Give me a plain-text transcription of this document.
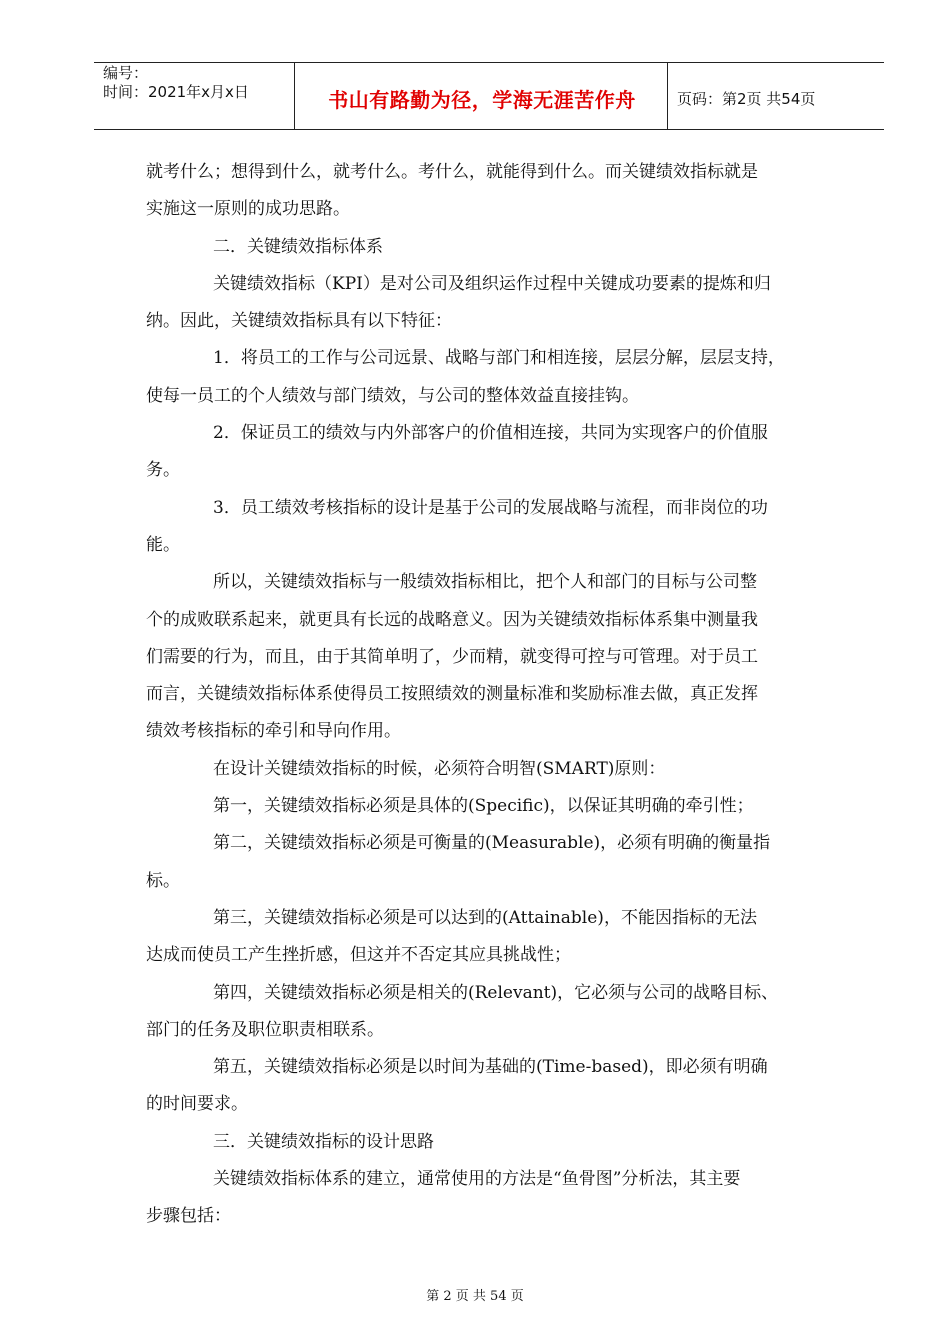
编号：
时间：2021年x月x日	书山有路勤为径，学海无涯苦作舟	页码：第2页 共54页

就考什么；想得到什么，就考什么。考什么，就能得到什么。而关键绩效指标就是

实施这一原则的成功思路。

二．关键绩效指标体系

关键绩效指标（KPI）是对公司及组织运作过程中关键成功要素的提炼和归

纳。因此，关键绩效指标具有以下特征：

1．将员工的工作与公司远景、战略与部门和相连接，层层分解，层层支持，

使每一员工的个人绩效与部门绩效，与公司的整体效益直接挂钩。

2．保证员工的绩效与内外部客户的价值相连接，共同为实现客户的价值服

务。

3．员工绩效考核指标的设计是基于公司的发展战略与流程，而非岗位的功

能。

所以，关键绩效指标与一般绩效指标相比，把个人和部门的目标与公司整

个的成败联系起来，就更具有长远的战略意义。因为关键绩效指标体系集中测量我

们需要的行为，而且，由于其简单明了，少而精，就变得可控与可管理。对于员工

而言，关键绩效指标体系使得员工按照绩效的测量标准和奖励标准去做，真正发挥

绩效考核指标的牵引和导向作用。

在设计关键绩效指标的时候，必须符合明智(SMART)原则：

第一，关键绩效指标必须是具体的(Specific)，以保证其明确的牵引性；

第二，关键绩效指标必须是可衡量的(Measurable)，必须有明确的衡量指

标。

第三，关键绩效指标必须是可以达到的(Attainable)，不能因指标的无法

达成而使员工产生挫折感，但这并不否定其应具挑战性；

第四，关键绩效指标必须是相关的(Relevant)，它必须与公司的战略目标、

部门的任务及职位职责相联系。

第五，关键绩效指标必须是以时间为基础的(Time-based)，即必须有明确

的时间要求。

三．关键绩效指标的设计思路

关键绩效指标体系的建立，通常使用的方法是“鱼骨图”分析法，其主要

步骤包括：

第 2 页 共 54 页
